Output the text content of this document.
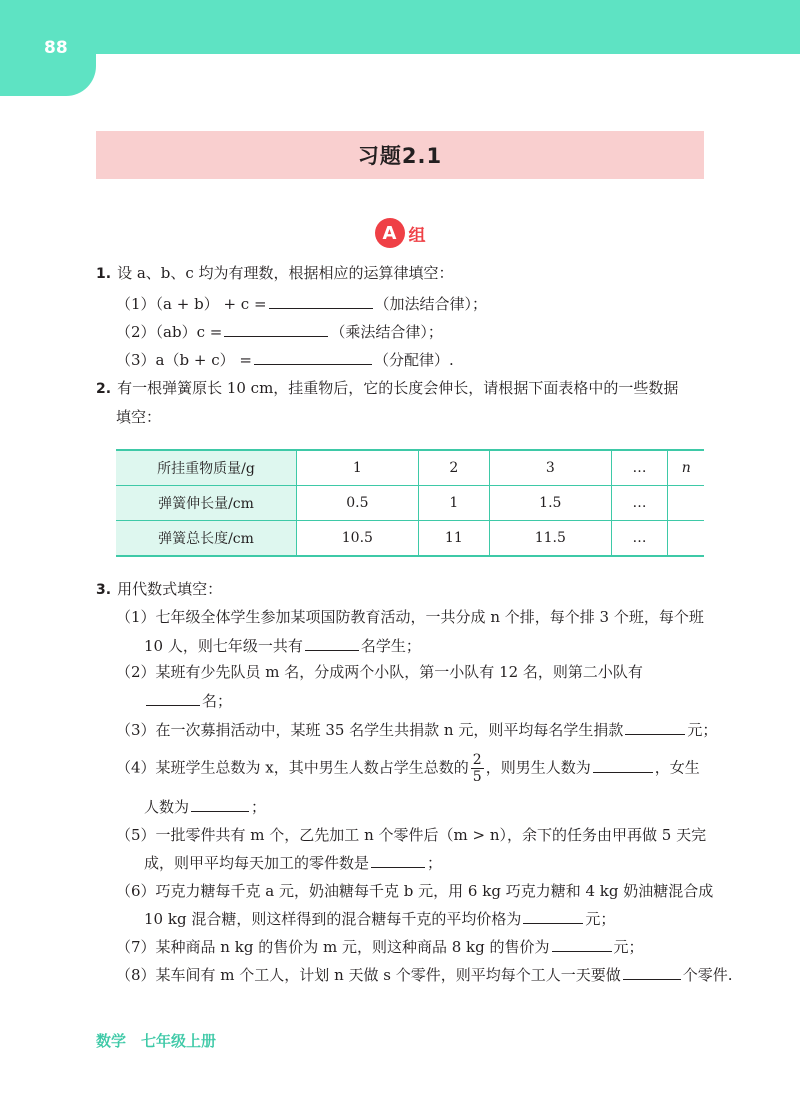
88
习题2.1
A 组
1. 设 a、b、c 均为有理数，根据相应的运算律填空：
（1）（a + b） + c =	（加法结合律）；
（2）（ab）c =	（乘法结合律）；
（3）a（b + c） =	（分配律）.
2. 有一根弹簧原长 10 cm，挂重物后，它的长度会伸长，请根据下面表格中的一些数据
填空：
所挂重物质量/g	1	2	3	…	n
弹簧伸长量/cm	0.5	1	1.5	…	
弹簧总长度/cm	10.5	11	11.5	…	
3. 用代数式填空：
（1）七年级全体学生参加某项国防教育活动，一共分成 n 个排，每个排 3 个班，每个班
10 人，则七年级一共有	名学生；
（2）某班有少先队员 m 名，分成两个小队，第一小队有 12 名，则第二小队有
名；
（3）在一次募捐活动中，某班 35 名学生共捐款 n 元，则平均每名学生捐款	元；
（4）某班学生总数为 x，其中男生人数占学生总数的 $\frac{2}{5}$ ，则男生人数为	，女生
人数为	；
（5）一批零件共有 m 个，乙先加工 n 个零件后（m > n），余下的任务由甲再做 5 天完
成，则甲平均每天加工的零件数是	；
（6）巧克力糖每千克 a 元，奶油糖每千克 b 元，用 6 kg 巧克力糖和 4 kg 奶油糖混合成
10 kg 混合糖，则这样得到的混合糖每千克的平均价格为	元；
（7）某种商品 n kg 的售价为 m 元，则这种商品 8 kg 的售价为	元；
（8）某车间有 m 个工人，计划 n 天做 s 个零件，则平均每个工人一天要做	个零件.
数学　七年级上册
